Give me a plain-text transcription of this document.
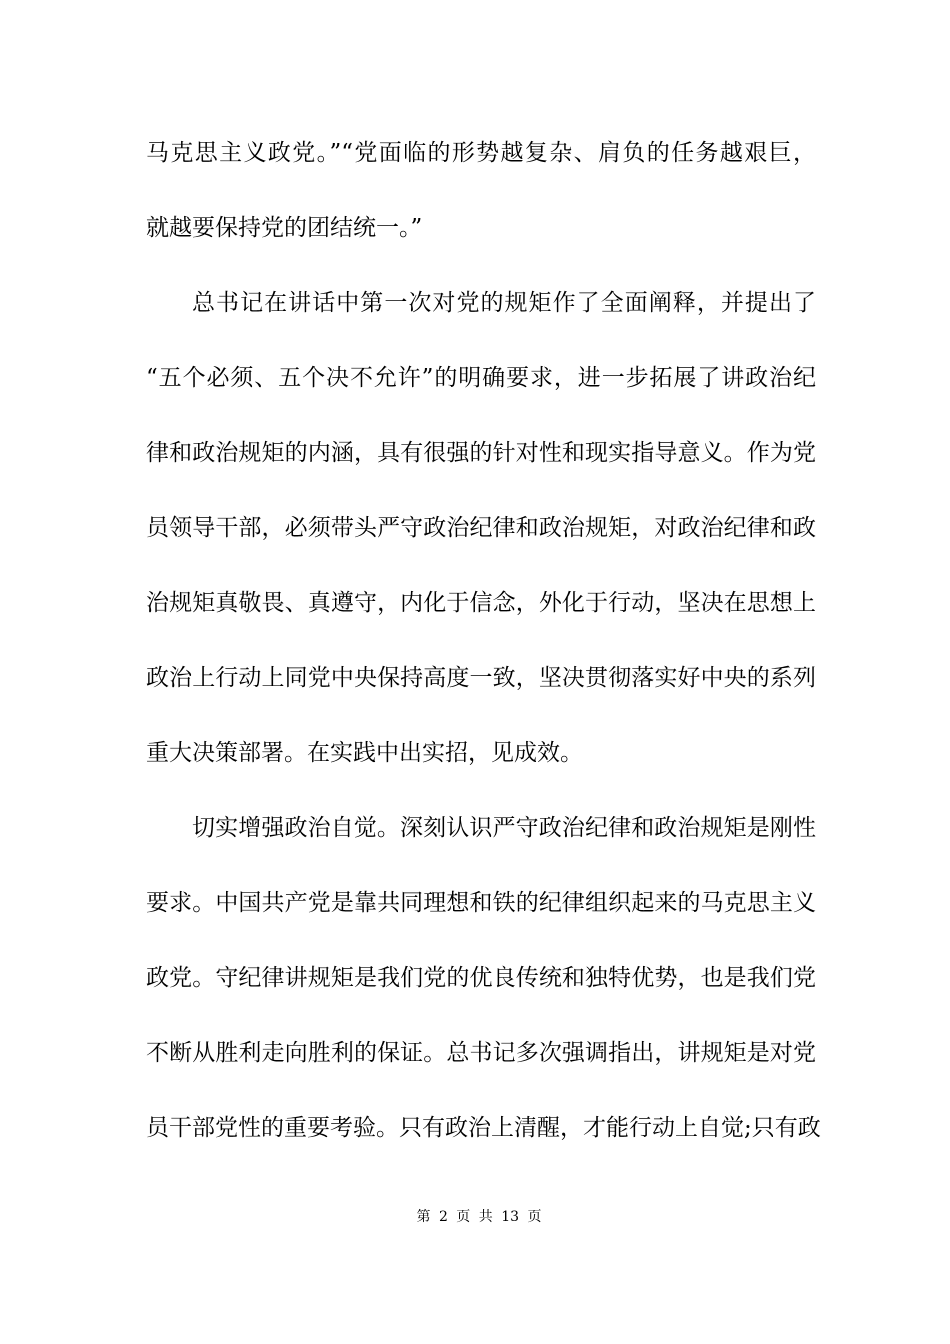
马克思主义政党。”“党面临的形势越复杂、肩负的任务越艰巨，
就越要保持党的团结统一。”
总书记在讲话中第一次对党的规矩作了全面阐释，并提出了
“五个必须、五个决不允许”的明确要求，进一步拓展了讲政治纪
律和政治规矩的内涵，具有很强的针对性和现实指导意义。作为党
员领导干部，必须带头严守政治纪律和政治规矩，对政治纪律和政
治规矩真敬畏、真遵守，内化于信念，外化于行动，坚决在思想上
政治上行动上同党中央保持高度一致，坚决贯彻落实好中央的系列
重大决策部署。在实践中出实招，见成效。
切实增强政治自觉。深刻认识严守政治纪律和政治规矩是刚性
要求。中国共产党是靠共同理想和铁的纪律组织起来的马克思主义
政党。守纪律讲规矩是我们党的优良传统和独特优势，也是我们党
不断从胜利走向胜利的保证。总书记多次强调指出，讲规矩是对党
员干部党性的重要考验。只有政治上清醒，才能行动上自觉;只有政
第 2 页 共 13 页
